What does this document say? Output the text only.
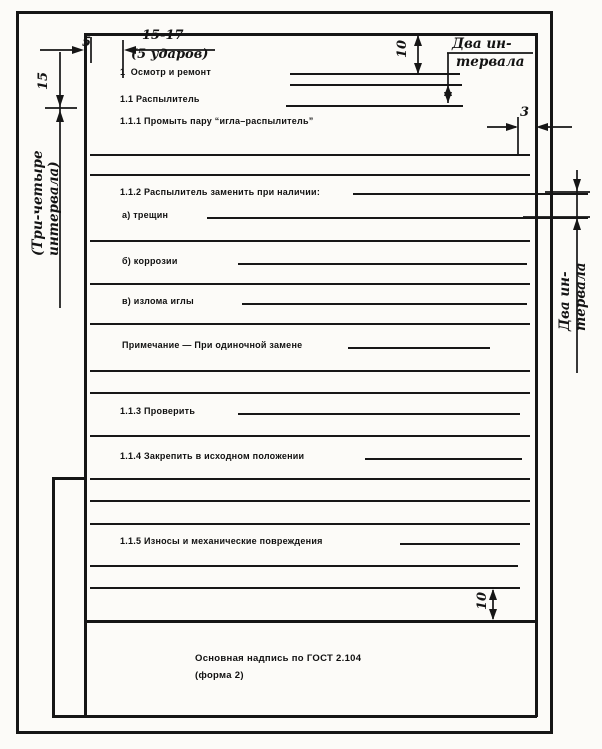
1  Осмотр и ремонт
1.1 Распылитель
1.1.1 Промыть пару “игла–распылитель”
1.1.2 Распылитель заменить при наличии:
а) трещин
б) коррозии
в) излома иглы
Примечание — При одиночной замене
1.1.3 Проверить
1.1.4 Закрепить в исходном положении
1.1.5 Износы и механические повреждения
5	15-17
(5 ударов)	10	Два ин-
тервала
3
15
(Три-четыре
интервала)
Два ин-
тервала
10
Основная надпись по ГОСТ 2.104
(форма 2)
